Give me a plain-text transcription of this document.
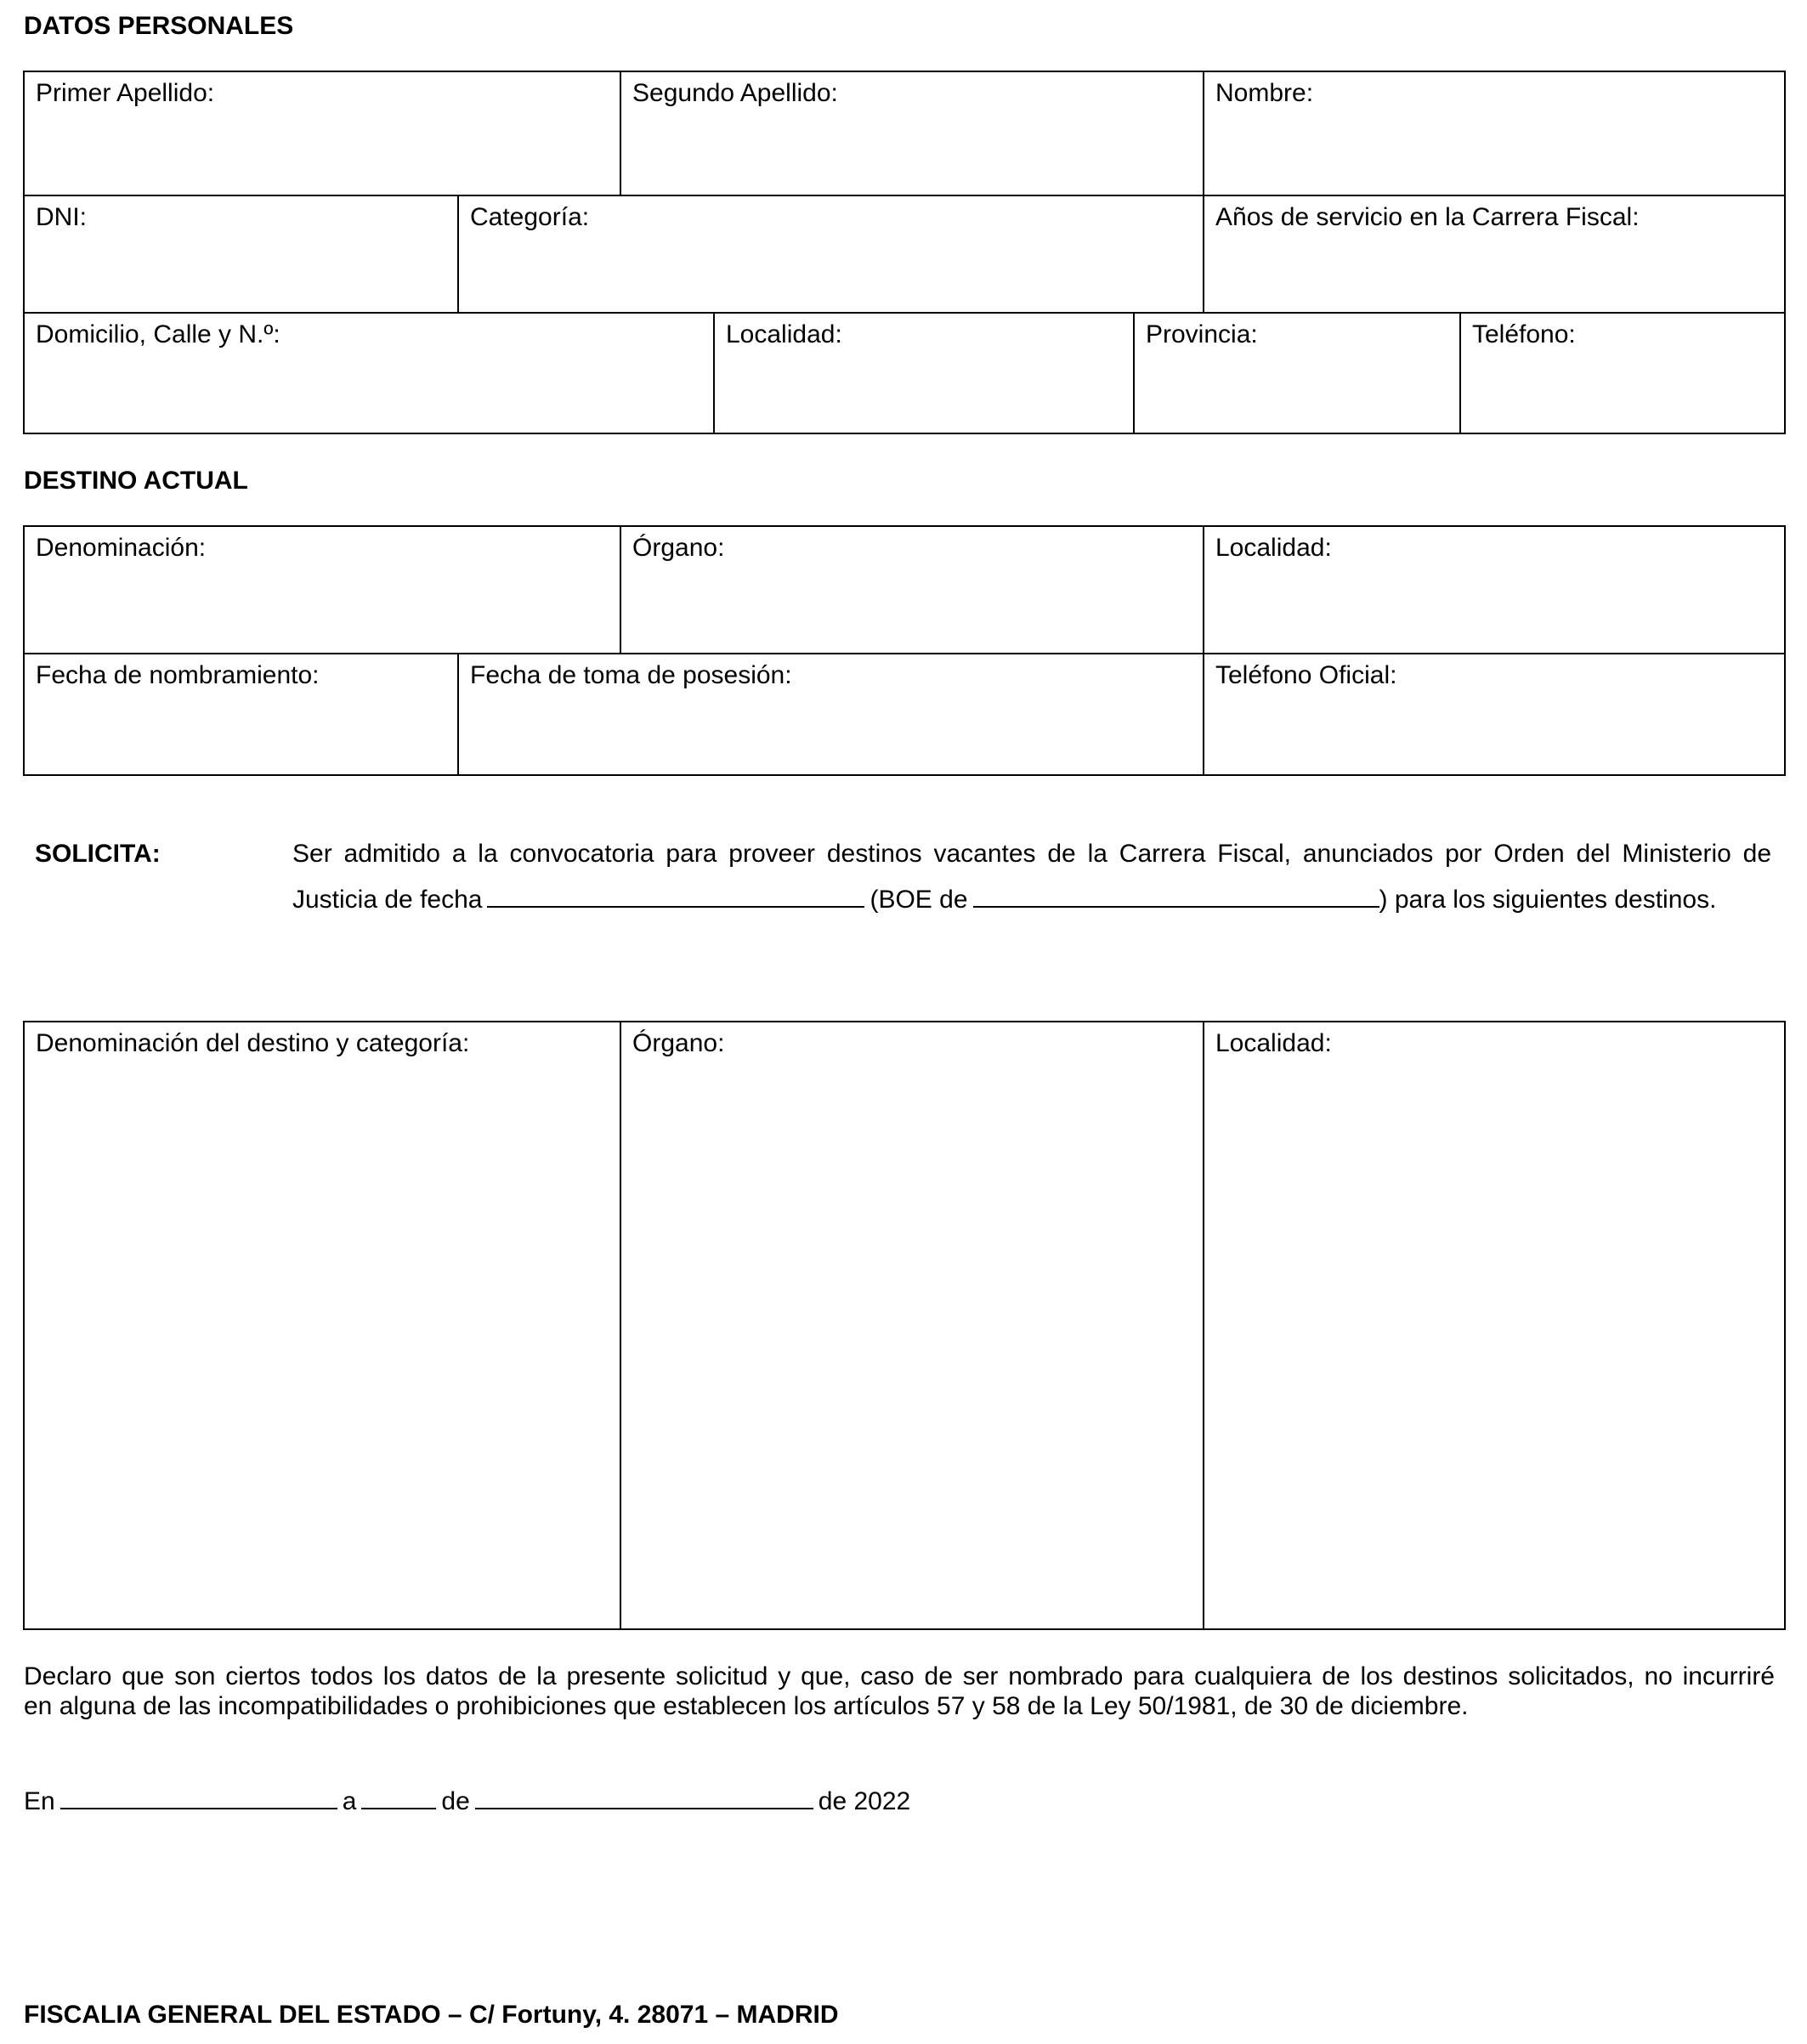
DATOS PERSONALES
Primer Apellido:	Segundo Apellido:	Nombre:
DNI:	Categoría:	Años de servicio en la Carrera Fiscal:
Domicilio, Calle y N.º:	Localidad:	Provincia:	Teléfono:
DESTINO ACTUAL
Denominación:	Órgano:	Localidad:
Fecha de nombramiento:	Fecha de toma de posesión:	Teléfono Oficial:
SOLICITA:	Ser admitido a la convocatoria para proveer destinos vacantes de la Carrera Fiscal, anunciados por Orden del Ministerio de
Justicia de fecha	(BOE de	) para los siguientes destinos.
Denominación del destino y categoría:	Órgano:	Localidad:
Declaro que son ciertos todos los datos de la presente solicitud y que, caso de ser nombrado para cualquiera de los destinos solicitados, no incurriré
en alguna de las incompatibilidades o prohibiciones que establecen los artículos 57 y 58 de la Ley 50/1981, de 30 de diciembre.
En	a	de	de 2022
FISCALIA GENERAL DEL ESTADO – C/ Fortuny, 4. 28071 – MADRID
